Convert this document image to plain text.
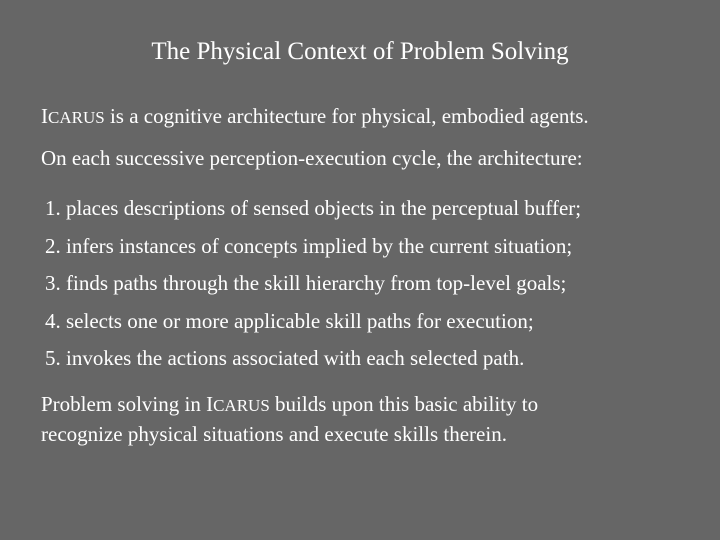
The Physical Context of Problem Solving
ICARUS is a cognitive architecture for physical, embodied agents.
On each successive perception-execution cycle, the architecture:
1. places descriptions of sensed objects in the perceptual buffer;
2. infers instances of concepts implied by the current situation;
3. finds paths through the skill hierarchy from top-level goals;
4. selects one or more applicable skill paths for execution;
5. invokes the actions associated with each selected path.
Problem solving in ICARUS builds upon this basic ability to
recognize physical situations and execute skills therein.
